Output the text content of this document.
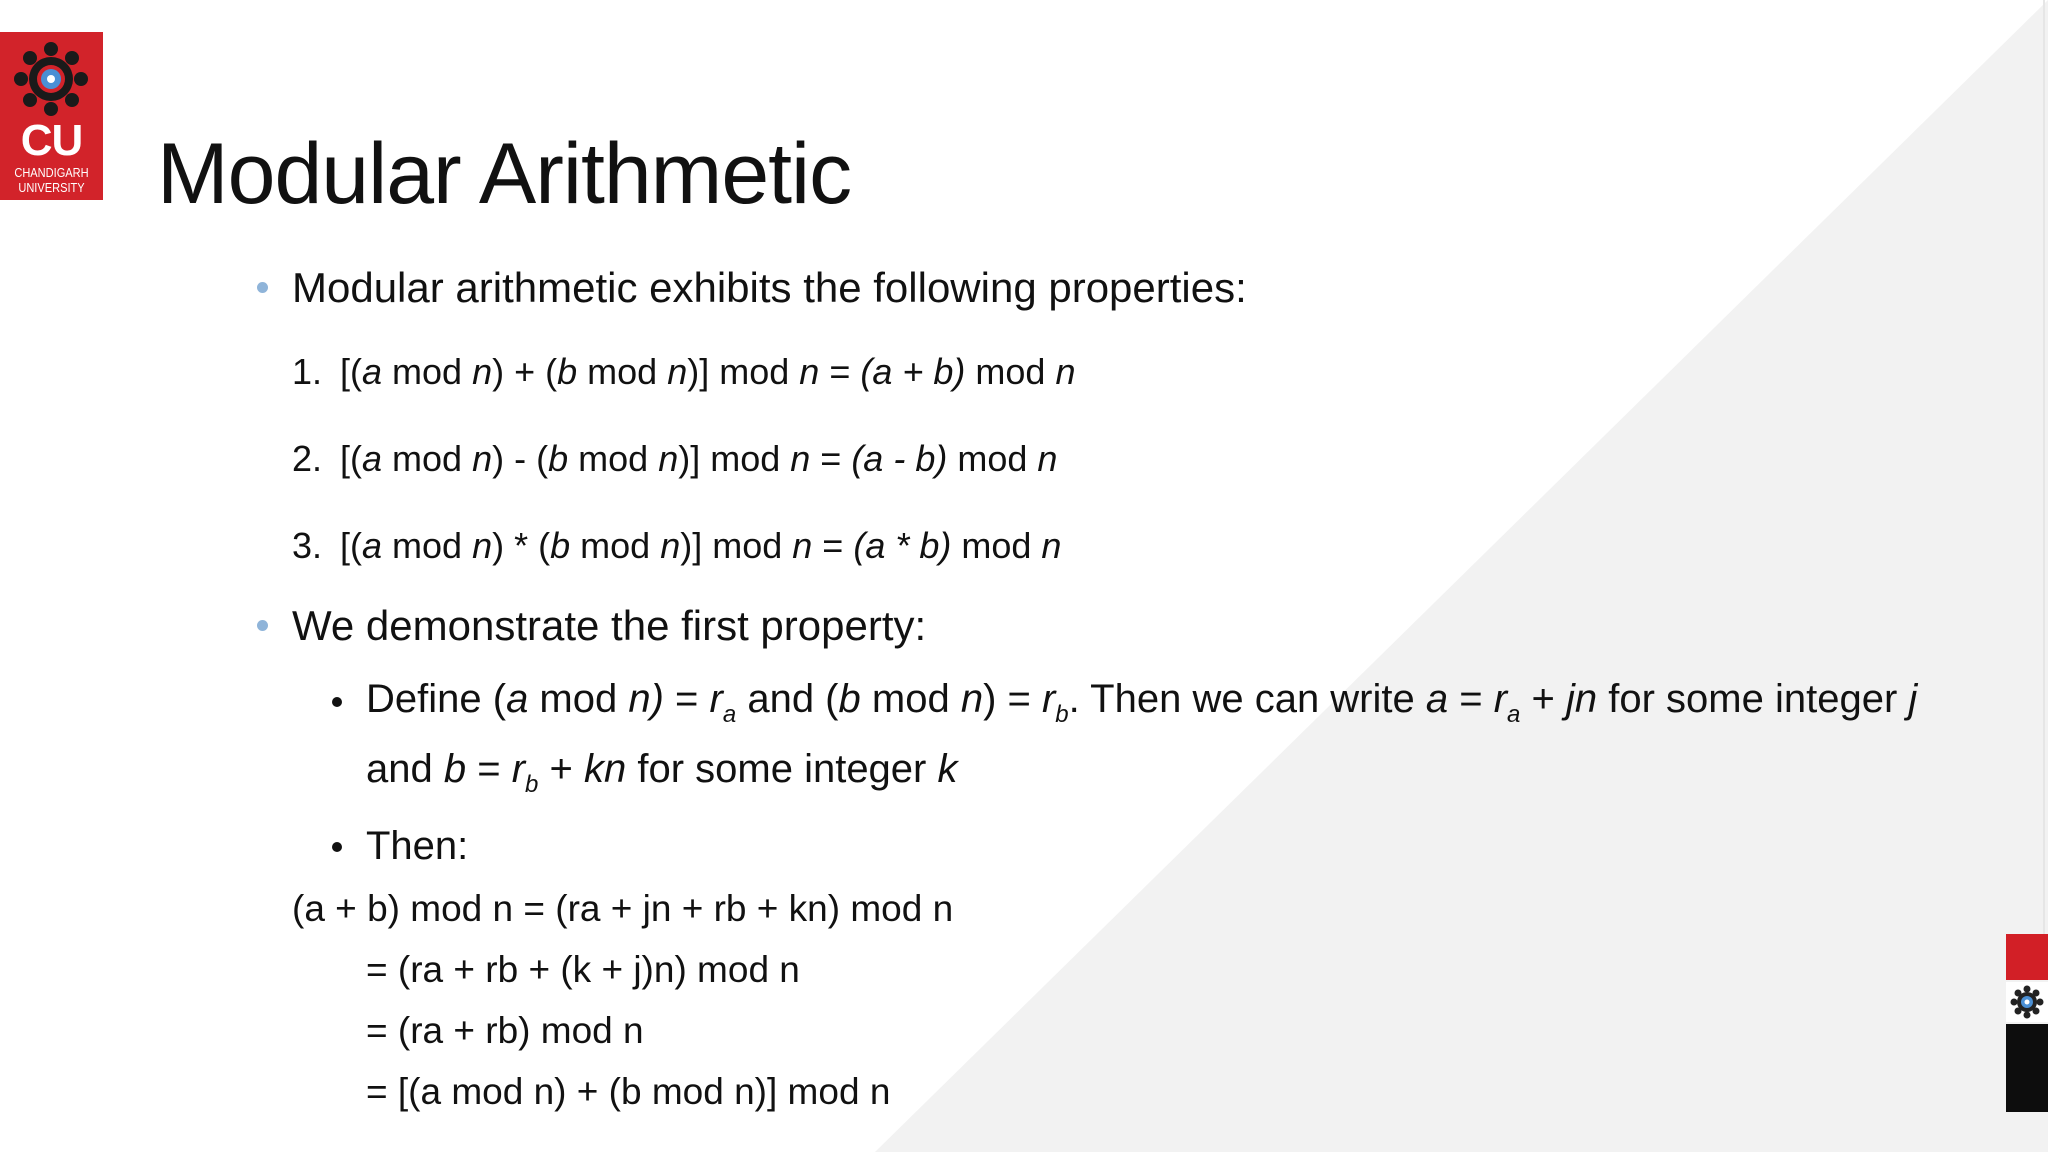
CU
CHANDIGARH
UNIVERSITY Modular Arithmetic
Modular arithmetic exhibits the following properties:
1. [(a mod n) + (b mod n)] mod n = (a + b) mod n
2. [(a mod n) - (b mod n)] mod n = (a - b) mod n
3. [(a mod n) * (b mod n)] mod n = (a * b) mod n
We demonstrate the first property:
Define (a mod $n) = r_a$ and (b mod $n) = r_b$. Then we can write $a = r_a$ + jn for some integer j
and $b = r_b$ + kn for some integer k
Then:
(a + b) mod n = (ra + jn + rb + kn) mod n
= (ra + rb + (k + j)n) mod n
= (ra + rb) mod n
= [(a mod n) + (b mod n)] mod n
